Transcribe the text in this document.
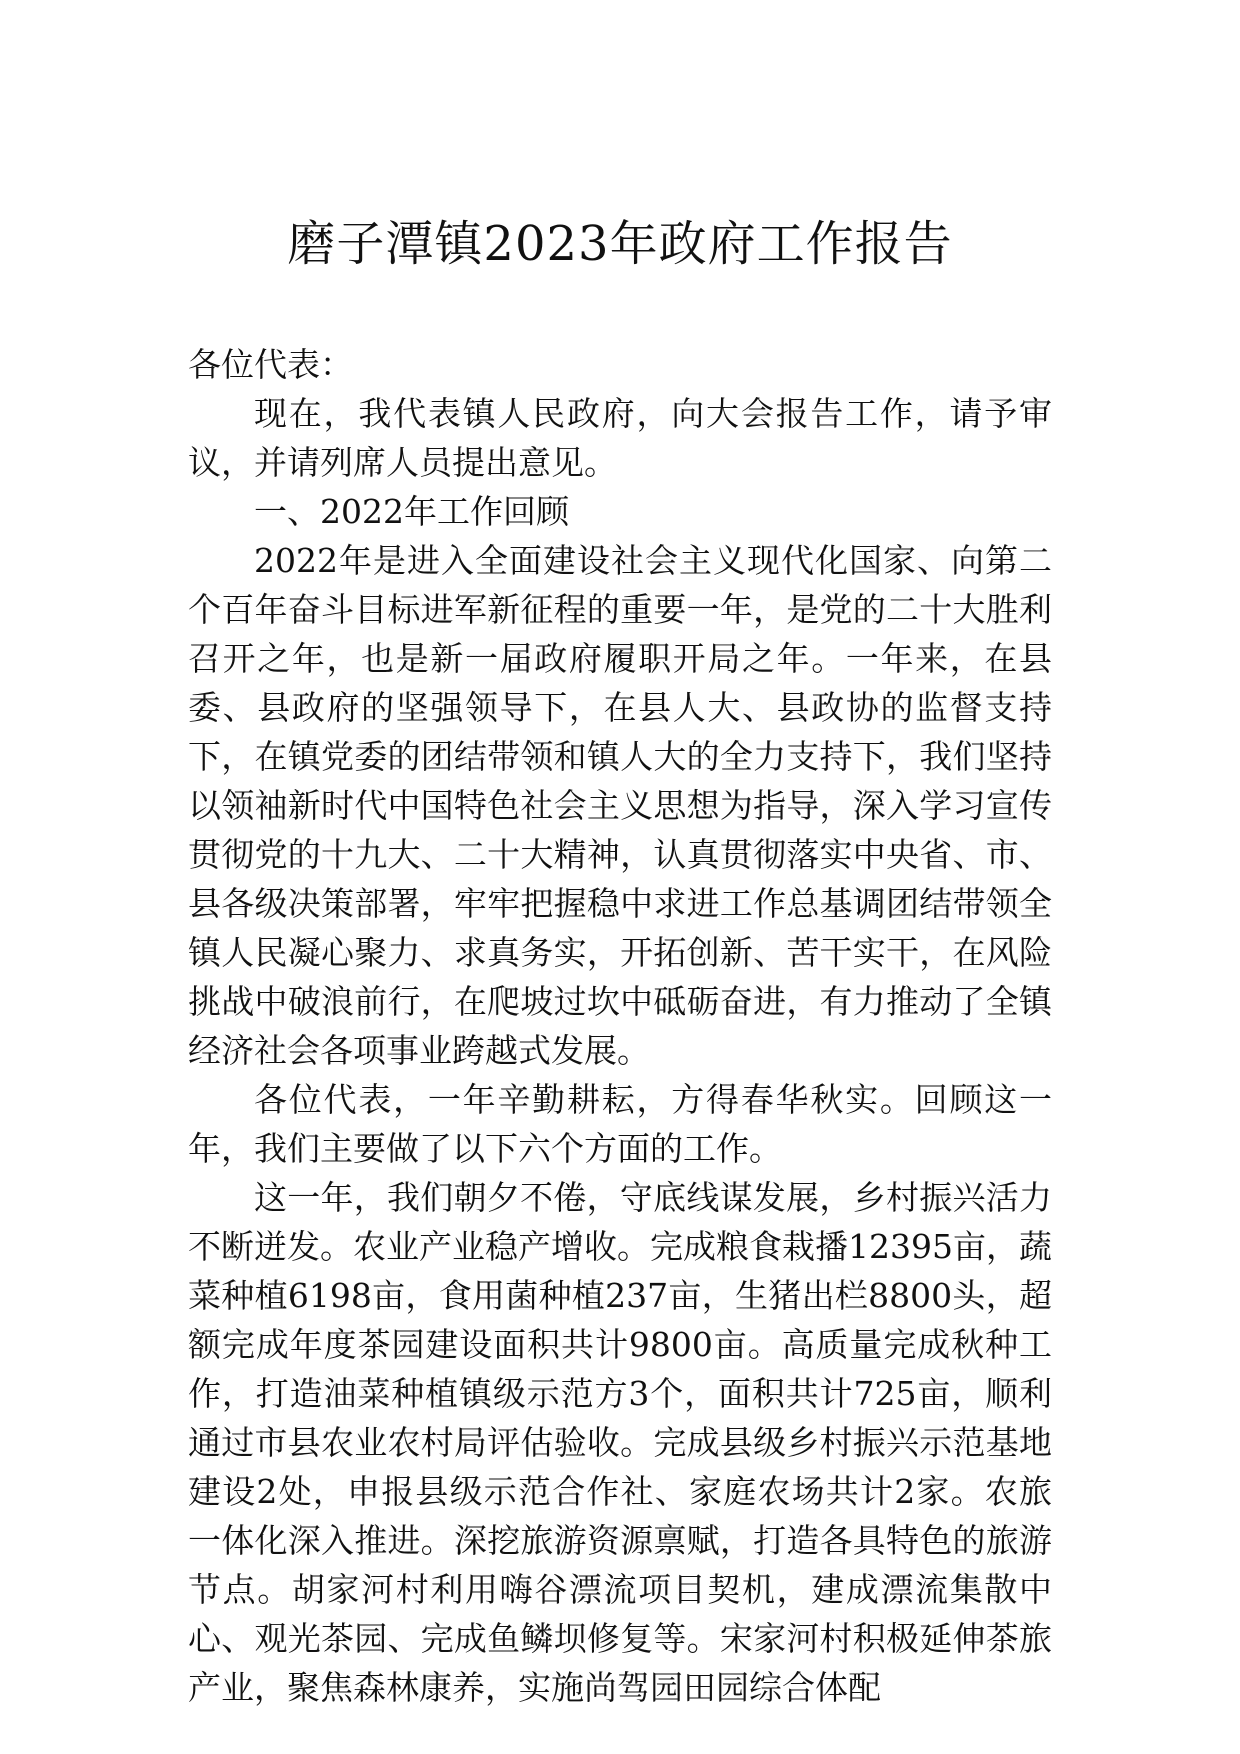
磨子潭镇2023年政府工作报告

各位代表：

现在，我代表镇人民政府，向大会报告工作，请予审议，并请列席人员提出意见。

一、2022年工作回顾

2022年是进入全面建设社会主义现代化国家、向第二个百年奋斗目标进军新征程的重要一年，是党的二十大胜利召开之年，也是新一届政府履职开局之年。一年来，在县委、县政府的坚强领导下，在县人大、县政协的监督支持下，在镇党委的团结带领和镇人大的全力支持下，我们坚持以领袖新时代中国特色社会主义思想为指导，深入学习宣传贯彻党的十九大、二十大精神，认真贯彻落实中央省、市、县各级决策部署，牢牢把握稳中求进工作总基调团结带领全镇人民凝心聚力、求真务实，开拓创新、苦干实干，在风险挑战中破浪前行，在爬坡过坎中砥砺奋进，有力推动了全镇经济社会各项事业跨越式发展。

各位代表，一年辛勤耕耘，方得春华秋实。回顾这一年，我们主要做了以下六个方面的工作。

这一年，我们朝夕不倦，守底线谋发展，乡村振兴活力不断迸发。农业产业稳产增收。完成粮食栽播12395亩，蔬菜种植6198亩，食用菌种植237亩，生猪出栏8800头，超额完成年度茶园建设面积共计9800亩。高质量完成秋种工作，打造油菜种植镇级示范方3个，面积共计725亩，顺利通过市县农业农村局评估验收。完成县级乡村振兴示范基地建设2处，申报县级示范合作社、家庭农场共计2家。农旅一体化深入推进。深挖旅游资源禀赋，打造各具特色的旅游节点。胡家河村利用嗨谷漂流项目契机，建成漂流集散中心、观光茶园、完成鱼鳞坝修复等。宋家河村积极延伸茶旅产业，聚焦森林康养，实施尚驾园田园综合体配
